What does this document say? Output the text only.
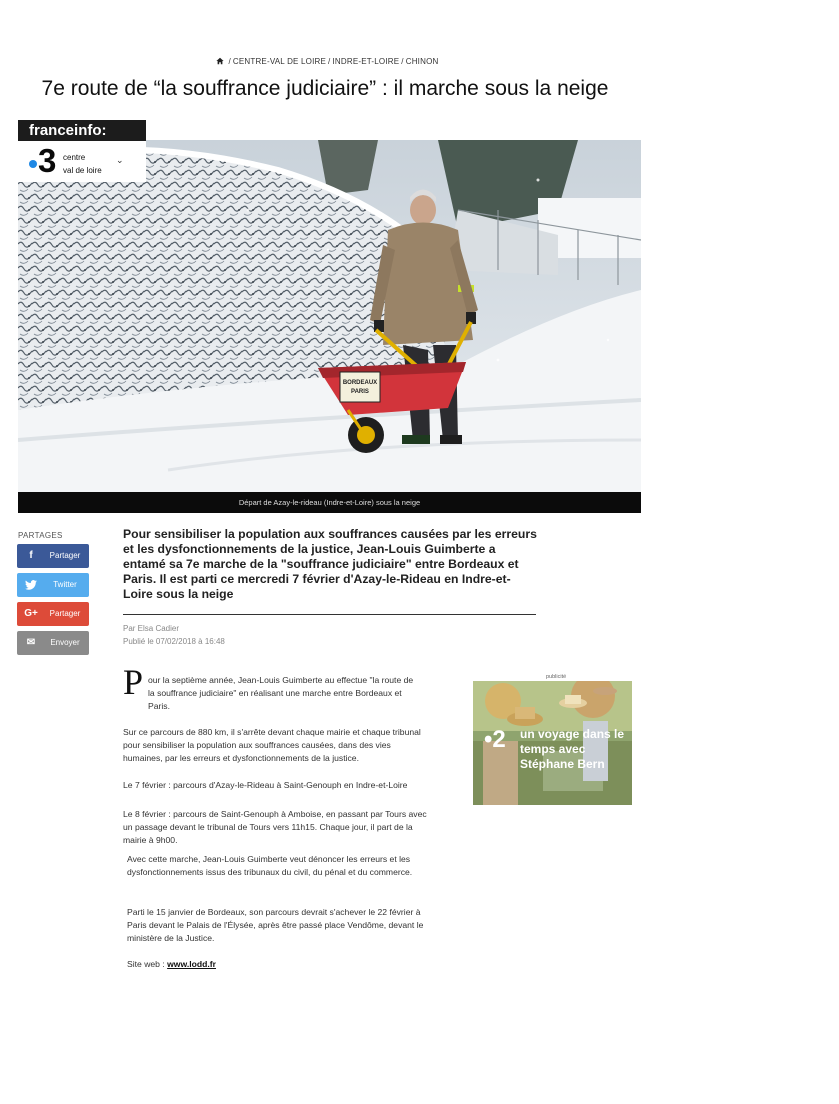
/ CENTRE-VAL DE LOIRE / INDRE-ET-LOIRE / CHINON
7e route de “la souffrance judiciaire” : il marche sous la neige
BORDEAUX
PARIS
Départ de Azay-le-rideau (Indre-et-Loire) sous la neige
franceinfo:
3 centre
val de loire
⌄
PARTAGES
f	Partager
Twitter
G+	Partager
✉	Envoyer
Pour sensibiliser la population aux souffrances causées par les erreurs et les dysfonctionnements de la justice, Jean-Louis Guimberte a entamé sa 7e marche de la "souffrance judiciaire" entre Bordeaux et Paris. Il est parti ce mercredi 7 février d'Azay-le-Rideau en Indre-et-Loire sous la neige
Par Elsa Cadier
Publié le 07/02/2018 à 16:48
P our la septième année, Jean-Louis Guimberte au effectue "la route de la souffrance judiciaire" en réalisant une marche entre Bordeaux et Paris.
Sur ce parcours de 880 km, il s'arrête devant chaque mairie et chaque tribunal pour sensibiliser la population aux souffrances causées, dans des vies humaines, par les erreurs et dysfonctionnements de la justice.
Le 7 février : parcours d'Azay-le-Rideau à Saint-Genouph en Indre-et-Loire
Le 8 février : parcours de Saint-Genouph à Amboise, en passant par Tours avec un passage devant le tribunal de Tours vers 11h15. Chaque jour, il part de la mairie à 9h00.
Avec cette marche, Jean-Louis Guimberte veut dénoncer les erreurs et les dysfonctionnements issus des tribunaux du civil, du pénal et du commerce.
Parti le 15 janvier de Bordeaux, son parcours devrait s'achever le 22 février à Paris devant le Palais de l'Élysée, après être passé place Vendôme, devant le ministère de la Justice.
Site web : www.lodd.fr
publicité
•2 un voyage dans le temps avec Stéphane Bern
